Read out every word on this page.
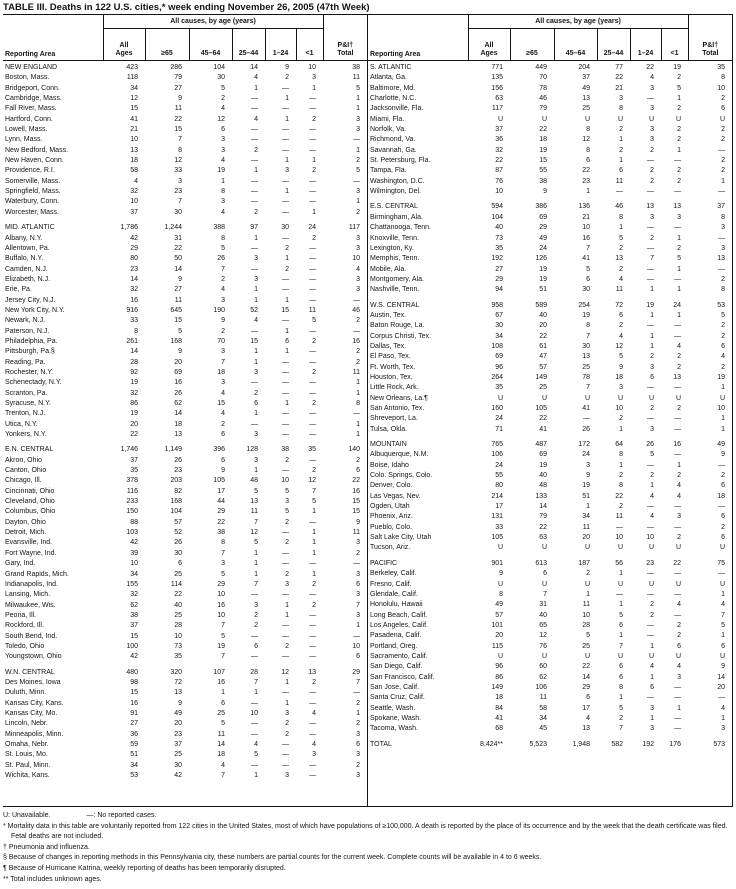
TABLE III. Deaths in 122 U.S. cities,* week ending November 26, 2005 (47th Week)
Reporting Area	All causes, by age (years)						P&I† Total
	All Ages	≥65	45–64	25–44	1–24	<1	
NEW ENGLAND	423	286	104	14	9	10	38
Boston, Mass.	118	79	30	4	2	3	11
Bridgeport, Conn.	34	27	5	1	—	1	5
Cambridge, Mass.	12	9	2	—	1	—	1
Fall River, Mass.	15	11	4	—	—	—	1
Hartford, Conn.	41	22	12	4	1	2	3
Lowell, Mass.	21	15	6	—	—	—	3
Lynn, Mass.	10	7	3	—	—	—	—
New Bedford, Mass.	13	8	3	2	—	—	1
New Haven, Conn.	18	12	4	—	1	1	2
Providence, R.I.	58	33	19	1	3	2	5
Somerville, Mass.	4	3	1	—	—	—	—
Springfield, Mass.	32	23	8	—	1	—	3
Waterbury, Conn.	10	7	3	—	—	—	1
Worcester, Mass.	37	30	4	2	—	1	2
MID. ATLANTIC	1,786	1,244	388	97	30	24	117
Albany, N.Y.	42	31	8	1	—	2	3
Allentown, Pa.	29	22	5	—	2	—	3
Buffalo, N.Y.	80	50	26	3	1	—	10
Camden, N.J.	23	14	7	—	2	—	4
Elizabeth, N.J.	14	9	2	3	—	—	3
Erie, Pa.	32	27	4	1	—	—	3
Jersey City, N.J.	16	11	3	1	1	—	—
New York City, N.Y.	916	645	190	52	15	11	46
Newark, N.J.	33	15	9	4	—	5	2
Paterson, N.J.	8	5	2	—	1	—	—
Philadelphia, Pa.	261	168	70	15	6	2	16
Pittsburgh, Pa.§	14	9	3	1	1	—	2
Reading, Pa.	28	20	7	1	—	—	2
Rochester, N.Y.	92	69	18	3	—	2	11
Schenectady, N.Y.	19	16	3	—	—	—	1
Scranton, Pa.	32	26	4	2	—	—	1
Syracuse, N.Y.	86	62	15	6	1	2	8
Trenton, N.J.	19	14	4	1	—	—	—
Utica, N.Y.	20	18	2	—	—	—	1
Yonkers, N.Y.	22	13	6	3	—	—	1
E.N. CENTRAL	1,746	1,149	396	128	38	35	140
Akron, Ohio	37	26	6	3	2	—	2
Canton, Ohio	35	23	9	1	—	2	6
Chicago, Ill.	378	203	105	48	10	12	22
Cincinnati, Ohio	116	82	17	5	5	7	16
Cleveland, Ohio	233	168	44	13	3	5	15
Columbus, Ohio	150	104	29	11	5	1	15
Dayton, Ohio	88	57	22	7	2	—	9
Detroit, Mich.	103	52	38	12	—	1	11
Evansville, Ind.	42	26	8	5	2	1	3
Fort Wayne, Ind.	39	30	7	1	—	1	2
Gary, Ind.	10	6	3	1	—	—	—
Grand Rapids, Mich.	34	25	5	1	2	1	3
Indianapolis, Ind.	155	114	29	7	3	2	6
Lansing, Mich.	32	22	10	—	—	—	3
Milwaukee, Wis.	62	40	16	3	1	2	7
Peoria, Ill.	38	25	10	2	1	—	3
Rockford, Ill.	37	28	7	2	—	—	1
South Bend, Ind.	15	10	5	—	—	—	—
Toledo, Ohio	100	73	19	6	2	—	10
Youngstown, Ohio	42	35	7	—	—	—	6
W.N. CENTRAL	480	320	107	28	12	13	29
Des Moines, Iowa	98	72	16	7	1	2	7
Duluth, Minn.	15	13	1	1	—	—	—
Kansas City, Kans.	16	9	6	—	1	—	2
Kansas City, Mo.	91	49	25	10	3	4	1
Lincoln, Nebr.	27	20	5	—	2	—	2
Minneapolis, Minn.	36	23	11	—	2	—	3
Omaha, Nebr.	59	37	14	4	—	4	6
St. Louis, Mo.	51	25	18	5	—	3	3
St. Paul, Minn.	34	30	4	—	—	—	2
Wichita, Kans.	53	42	7	1	3	—	3
Reporting Area	All causes, by age (years)						P&I† Total
	All Ages	≥65	45–64	25–44	1–24	<1	
S. ATLANTIC	771	449	204	77	22	19	35
Atlanta, Ga.	135	70	37	22	4	2	8
Baltimore, Md.	156	78	49	21	3	5	10
Charlotte, N.C.	63	46	13	3	—	1	2
Jacksonville, Fla.	117	79	25	8	3	2	6
Miami, Fla.	U	U	U	U	U	U	U
Norfolk, Va.	37	22	8	2	3	2	2
Richmond, Va.	36	18	12	1	3	2	2
Savannah, Ga.	32	19	8	2	2	1	—
St. Petersburg, Fla.	22	15	6	1	—	—	2
Tampa, Fla.	87	55	22	6	2	2	2
Washington, D.C.	76	38	23	11	2	2	1
Wilmington, Del.	10	9	1	—	—	—	—
E.S. CENTRAL	594	386	136	46	13	13	37
Birmingham, Ala.	104	69	21	8	3	3	8
Chattanooga, Tenn.	40	29	10	1	—	—	3
Knoxville, Tenn.	73	49	16	5	2	1	—
Lexington, Ky.	35	24	7	2	—	2	3
Memphis, Tenn.	192	126	41	13	7	5	13
Mobile, Ala.	27	19	5	2	—	1	—
Montgomery, Ala.	29	19	6	4	—	—	2
Nashville, Tenn.	94	51	30	11	1	1	8
W.S. CENTRAL	958	589	254	72	19	24	53
Austin, Tex.	67	40	19	6	1	1	5
Baton Rouge, La.	30	20	8	2	—	—	2
Corpus Christi, Tex.	34	22	7	4	1	—	2
Dallas, Tex.	108	61	30	12	1	4	6
El Paso, Tex.	69	47	13	5	2	2	4
Ft. Worth, Tex.	96	57	25	9	3	2	2
Houston, Tex.	264	149	78	18	6	13	19
Little Rock, Ark.	35	25	7	3	—	—	1
New Orleans, La.¶	U	U	U	U	U	U	U
San Antonio, Tex.	160	105	41	10	2	2	10
Shreveport, La.	24	22	—	2	—	—	1
Tulsa, Okla.	71	41	26	1	3	—	1
MOUNTAIN	765	487	172	64	26	16	49
Albuquerque, N.M.	106	69	24	8	5	—	9
Boise, Idaho	24	19	3	1	—	1	—
Colo. Springs, Colo.	55	40	9	2	2	2	2
Denver, Colo.	80	48	19	8	1	4	6
Las Vegas, Nev.	214	133	51	22	4	4	18
Ogden, Utah	17	14	1	2	—	—	—
Phoenix, Ariz.	131	79	34	11	4	3	6
Pueblo, Colo.	33	22	11	—	—	—	2
Salt Lake City, Utah	105	63	20	10	10	2	6
Tucson, Ariz.	U	U	U	U	U	U	U
PACIFIC	901	613	187	56	23	22	75
Berkeley, Calif.	9	6	2	1	—	—	—
Fresno, Calif.	U	U	U	U	U	U	U
Glendale, Calif.	8	7	1	—	—	—	1
Honolulu, Hawaii	49	31	11	1	2	4	4
Long Beach, Calif.	57	40	10	5	2	—	7
Los Angeles, Calif.	101	65	28	6	—	2	5
Pasadena, Calif.	20	12	5	1	—	2	1
Portland, Oreg.	115	76	25	7	1	6	6
Sacramento, Calif.	U	U	U	U	U	U	U
San Diego, Calif.	96	60	22	6	4	4	9
San Francisco, Calif.	86	62	14	6	1	3	14
San Jose, Calif.	149	106	29	8	6	—	20
Santa Cruz, Calif.	18	11	6	1	—	—	—
Seattle, Wash.	84	58	17	5	3	1	4
Spokane, Wash.	41	34	4	2	1	—	1
Tacoma, Wash.	68	45	13	7	3	—	3
TOTAL	8,424**	5,523	1,948	582	192	176	573
U: Unavailable.	—: No reported cases.
* Mortality data in this table are voluntarily reported from 122 cities in the United States, most of which have populations of ≥100,000. A death is reported by the place of its occurrence and by the week that the death certificate was filed. Fetal deaths are not included.
† Pneumonia and influenza.
§ Because of changes in reporting methods in this Pennsylvania city, these numbers are partial counts for the current week. Complete counts will be available in 4 to 6 weeks.
¶ Because of Hurricane Katrina, weekly reporting of deaths has been temporarily disrupted.
** Total includes unknown ages.
